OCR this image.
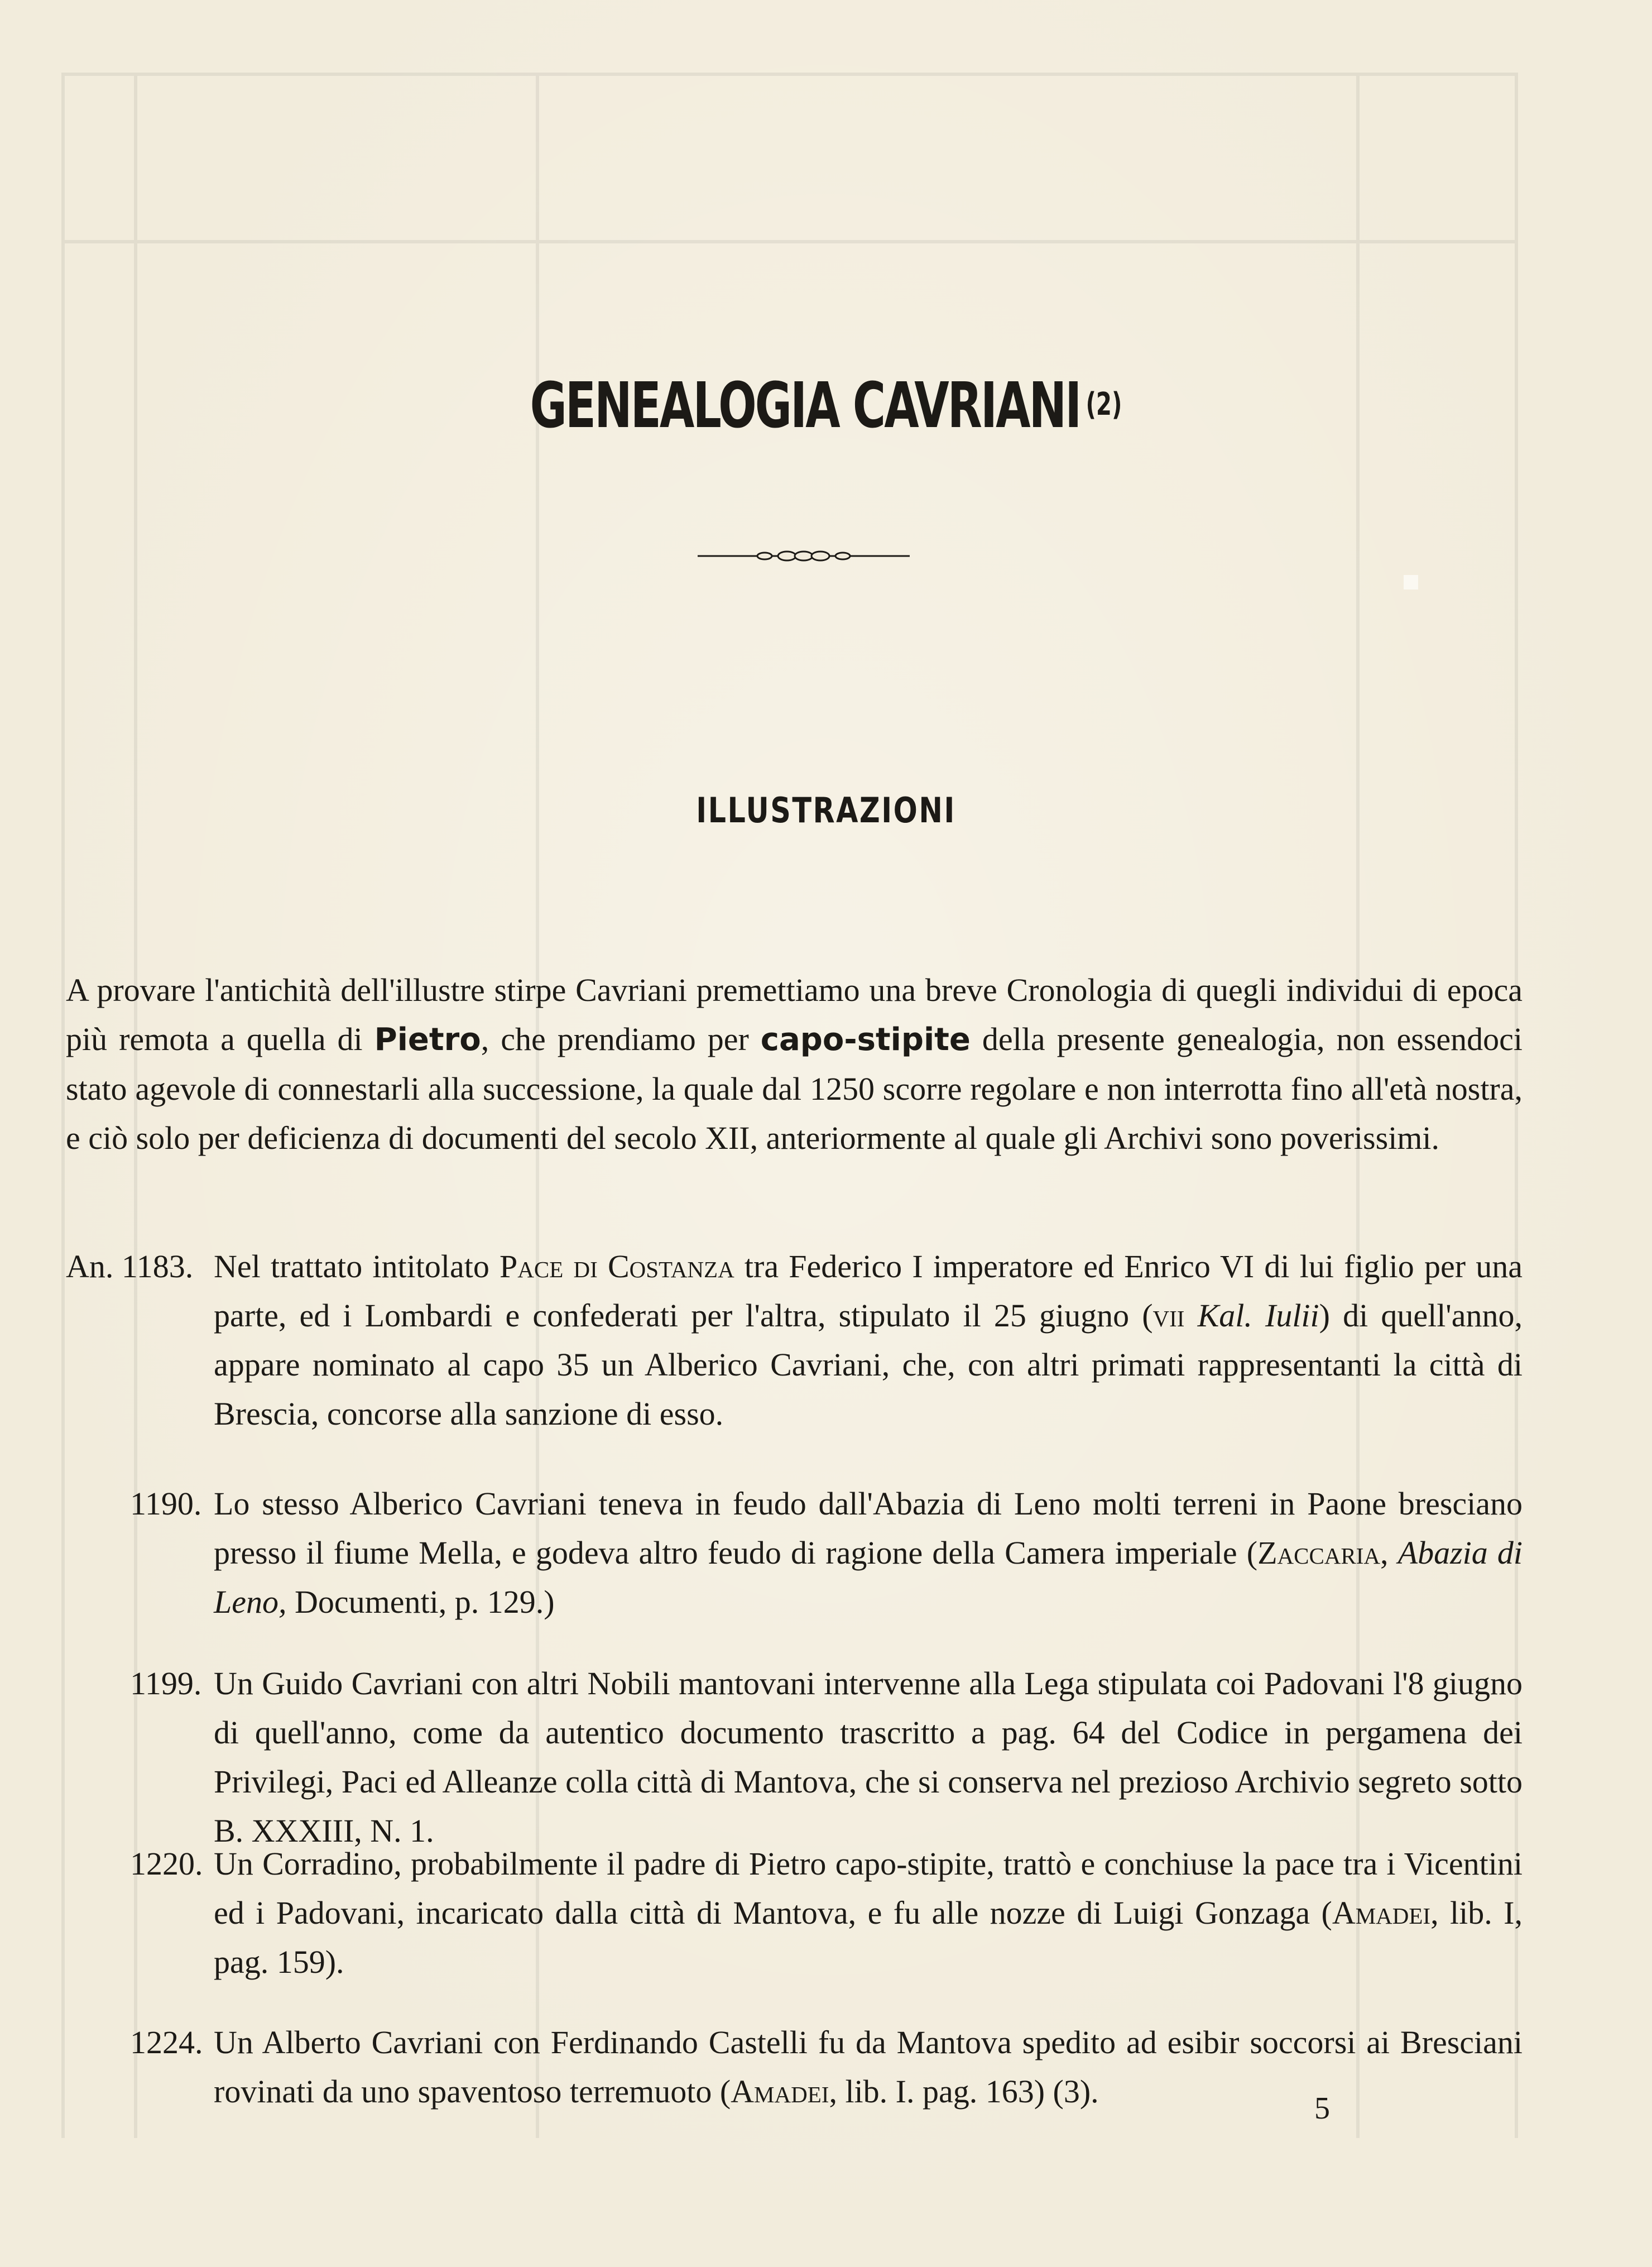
GENEALOGIA CAVRIANI (2)
ILLUSTRAZIONI
A provare l'antichità dell'illustre stirpe Cavriani premettiamo una breve Cronologia di quegli individui di epoca più remota a quella di Pietro, che prendiamo per capo-stipite della presente genealogia, non essendoci stato agevole di connestarli alla successione, la quale dal 1250 scorre regolare e non interrotta fino all'età nostra, e ciò solo per deficienza di documenti del secolo XII, anteriormente al quale gli Archivi sono poverissimi.
An. 1183. Nel trattato intitolato Pace di Costanza tra Federico I imperatore ed Enrico VI di lui figlio per una parte, ed i Lombardi e confederati per l'altra, stipulato il 25 giugno (vii Kal. Iulii) di quell'anno, appare nominato al capo 35 un Alberico Cavriani, che, con altri primati rappresentanti la città di Brescia, concorse alla sanzione di esso.
1190. Lo stesso Alberico Cavriani teneva in feudo dall'Abazia di Leno molti terreni in Paone bresciano presso il fiume Mella, e godeva altro feudo di ragione della Camera imperiale (Zaccaria, Abazia di Leno, Documenti, p. 129.)
1199. Un Guido Cavriani con altri Nobili mantovani intervenne alla Lega stipulata coi Padovani l'8 giugno di quell'anno, come da autentico documento trascritto a pag. 64 del Codice in pergamena dei Privilegi, Paci ed Alleanze colla città di Mantova, che si conserva nel prezioso Archivio segreto sotto B. XXXIII, N. 1.
1220. Un Corradino, probabilmente il padre di Pietro capo-stipite, trattò e conchiuse la pace tra i Vicentini ed i Padovani, incaricato dalla città di Mantova, e fu alle nozze di Luigi Gonzaga (Amadei, lib. I, pag. 159).
1224. Un Alberto Cavriani con Ferdinando Castelli fu da Mantova spedito ad esibir soccorsi ai Bresciani rovinati da uno spaventoso terremuoto (Amadei, lib. I. pag. 163) (3).	5
